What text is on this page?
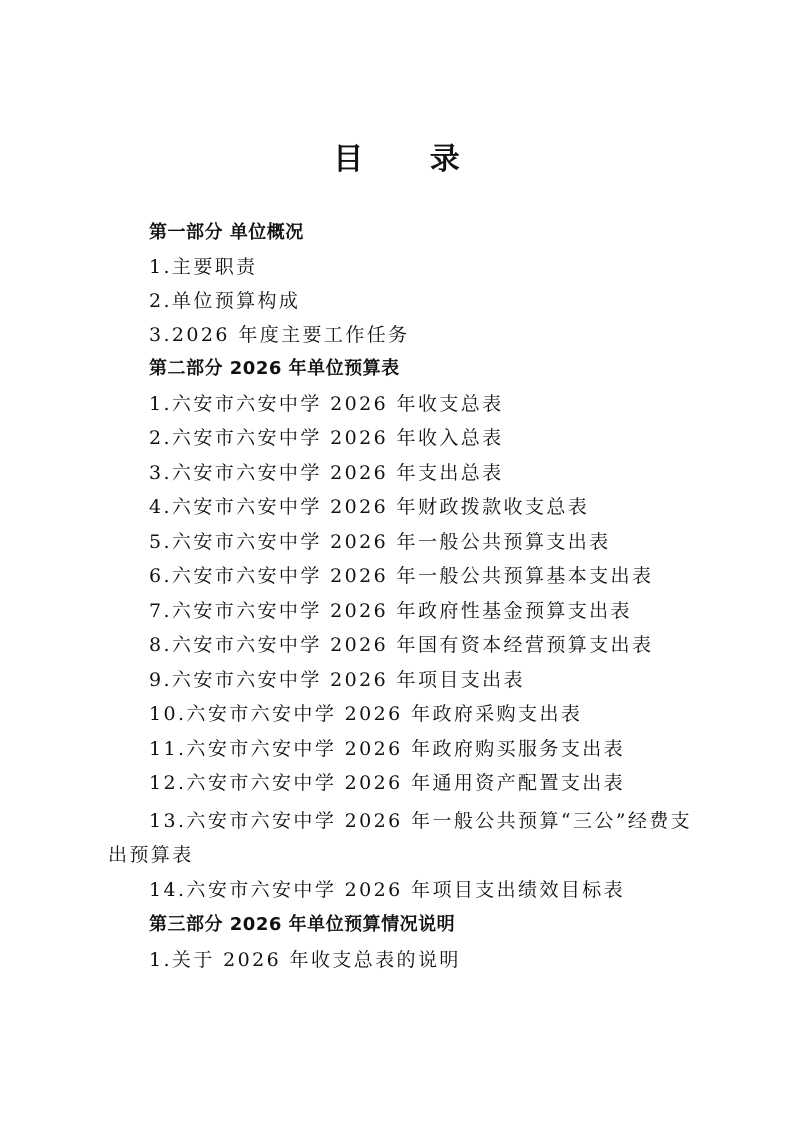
目 录
第一部分 单位概况
1.主要职责
2.单位预算构成
3.2026 年度主要工作任务
第二部分 2026 年单位预算表
1.六安市六安中学 2026 年收支总表
2.六安市六安中学 2026 年收入总表
3.六安市六安中学 2026 年支出总表
4.六安市六安中学 2026 年财政拨款收支总表
5.六安市六安中学 2026 年一般公共预算支出表
6.六安市六安中学 2026 年一般公共预算基本支出表
7.六安市六安中学 2026 年政府性基金预算支出表
8.六安市六安中学 2026 年国有资本经营预算支出表
9.六安市六安中学 2026 年项目支出表
10.六安市六安中学 2026 年政府采购支出表
11.六安市六安中学 2026 年政府购买服务支出表
12.六安市六安中学 2026 年通用资产配置支出表
13.六安市六安中学 2026 年一般公共预算“三公”经费支
出预算表
14.六安市六安中学 2026 年项目支出绩效目标表
第三部分 2026 年单位预算情况说明
1.关于 2026 年收支总表的说明
